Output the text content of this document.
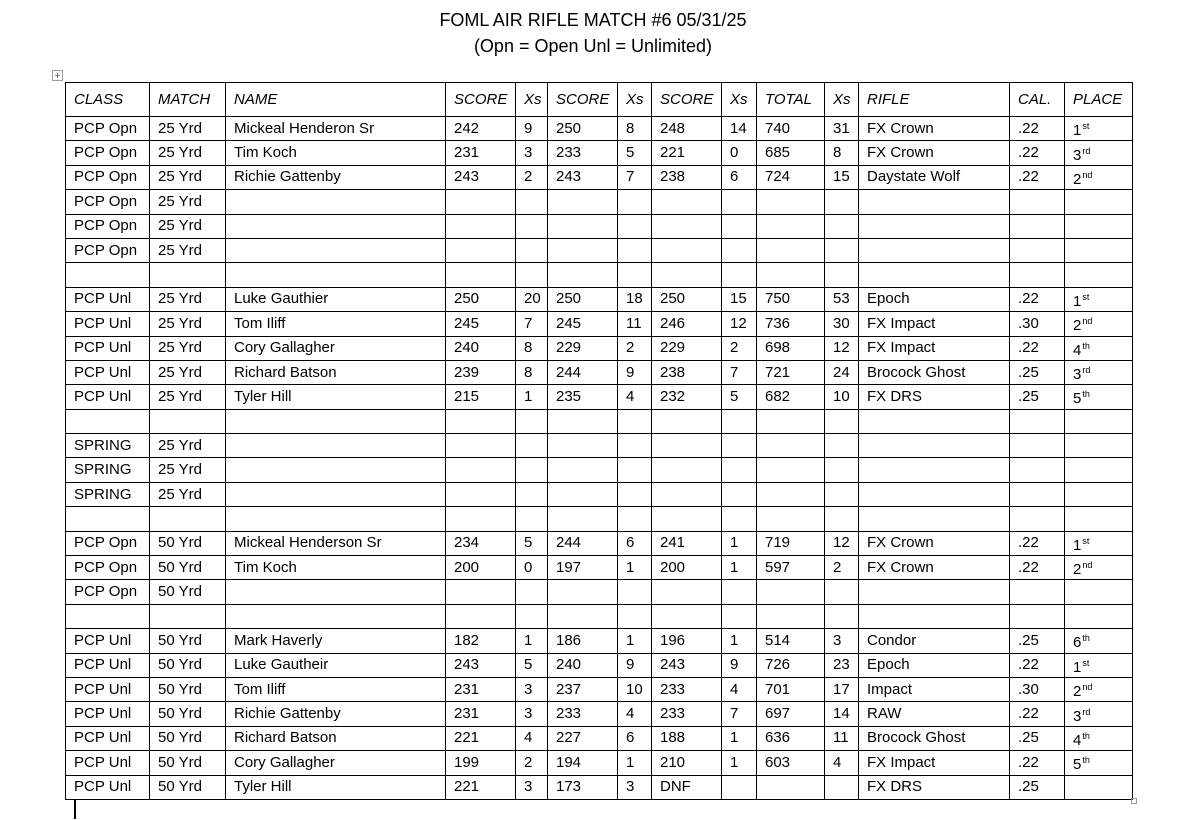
FOML AIR RIFLE MATCH #6 05/31/25
(Opn = Open Unl = Unlimited)
+
CLASS	MATCH	NAME	SCORE	Xs	SCORE	Xs	SCORE	Xs	TOTAL	Xs	RIFLE	CAL.	PLACE
PCP Opn	25 Yrd	Mickeal Henderon Sr	242	9	250	8	248	14	740	31	FX Crown	.22	1st
PCP Opn	25 Yrd	Tim Koch	231	3	233	5	221	0	685	8	FX Crown	.22	3rd
PCP Opn	25 Yrd	Richie Gattenby	243	2	243	7	238	6	724	15	Daystate Wolf	.22	2nd
PCP Opn	25 Yrd												
PCP Opn	25 Yrd												
PCP Opn	25 Yrd												

PCP Unl	25 Yrd	Luke Gauthier	250	20	250	18	250	15	750	53	Epoch	.22	1st
PCP Unl	25 Yrd	Tom Iliff	245	7	245	11	246	12	736	30	FX Impact	.30	2nd
PCP Unl	25 Yrd	Cory Gallagher	240	8	229	2	229	2	698	12	FX Impact	.22	4th
PCP Unl	25 Yrd	Richard Batson	239	8	244	9	238	7	721	24	Brocock Ghost	.25	3rd
PCP Unl	25 Yrd	Tyler Hill	215	1	235	4	232	5	682	10	FX DRS	.25	5th

SPRING	25 Yrd												
SPRING	25 Yrd												
SPRING	25 Yrd												

PCP Opn	50 Yrd	Mickeal Henderson Sr	234	5	244	6	241	1	719	12	FX Crown	.22	1st
PCP Opn	50 Yrd	Tim Koch	200	0	197	1	200	1	597	2	FX Crown	.22	2nd
PCP Opn	50 Yrd												

PCP Unl	50 Yrd	Mark Haverly	182	1	186	1	196	1	514	3	Condor	.25	6th
PCP Unl	50 Yrd	Luke Gautheir	243	5	240	9	243	9	726	23	Epoch	.22	1st
PCP Unl	50 Yrd	Tom Iliff	231	3	237	10	233	4	701	17	Impact	.30	2nd
PCP Unl	50 Yrd	Richie Gattenby	231	3	233	4	233	7	697	14	RAW	.22	3rd
PCP Unl	50 Yrd	Richard Batson	221	4	227	6	188	1	636	11	Brocock Ghost	.25	4th
PCP Unl	50 Yrd	Cory Gallagher	199	2	194	1	210	1	603	4	FX Impact	.22	5th
PCP Unl	50 Yrd	Tyler Hill	221	3	173	3	DNF				FX DRS	.25	
